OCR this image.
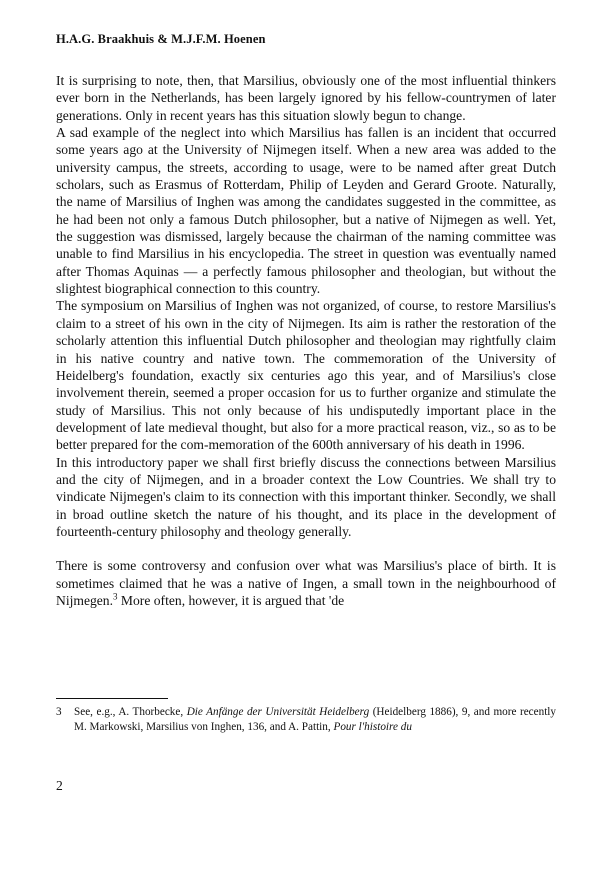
H.A.G. Braakhuis & M.J.F.M. Hoenen

It is surprising to note, then, that Marsilius, obviously one of the most influential thinkers ever born in the Netherlands, has been largely ignored by his fellow-countrymen of later generations. Only in recent years has this situation slowly begun to change.

A sad example of the neglect into which Marsilius has fallen is an incident that occurred some years ago at the University of Nijmegen itself. When a new area was added to the university campus, the streets, according to usage, were to be named after great Dutch scholars, such as Erasmus of Rotterdam, Philip of Leyden and Gerard Groote. Naturally, the name of Marsilius of Inghen was among the candidates suggested in the committee, as he had been not only a famous Dutch philosopher, but a native of Nijmegen as well. Yet, the suggestion was dismissed, largely because the chairman of the naming committee was unable to find Marsilius in his encyclopedia. The street in question was eventually named after Thomas Aquinas — a perfectly famous philosopher and theologian, but without the slightest biographical connection to this country.

The symposium on Marsilius of Inghen was not organized, of course, to restore Marsilius's claim to a street of his own in the city of Nijmegen. Its aim is rather the restoration of the scholarly attention this influential Dutch philosopher and theologian may rightfully claim in his native country and native town. The commemoration of the University of Heidelberg's foundation, exactly six centuries ago this year, and of Marsilius's close involvement therein, seemed a proper occasion for us to further organize and stimulate the study of Marsilius. This not only because of his undisputedly important place in the development of late medieval thought, but also for a more practical reason, viz., so as to be better prepared for the com-memoration of the 600th anniversary of his death in 1996.

In this introductory paper we shall first briefly discuss the connections between Marsilius and the city of Nijmegen, and in a broader context the Low Countries. We shall try to vindicate Nijmegen's claim to its connection with this important thinker. Secondly, we shall in broad outline sketch the nature of his thought, and its place in the development of fourteenth-century philosophy and theology generally.

There is some controversy and confusion over what was Marsilius's place of birth. It is sometimes claimed that he was a native of Ingen, a small town in the neighbourhood of Nijmegen.$^3$ More often, however, it is argued that 'de

3 See, e.g., A. Thorbecke, Die Anfänge der Universität Heidelberg (Heidelberg 1886), 9, and more recently M. Markowski, Marsilius von Inghen, 136, and A. Pattin, Pour l'histoire du
2
